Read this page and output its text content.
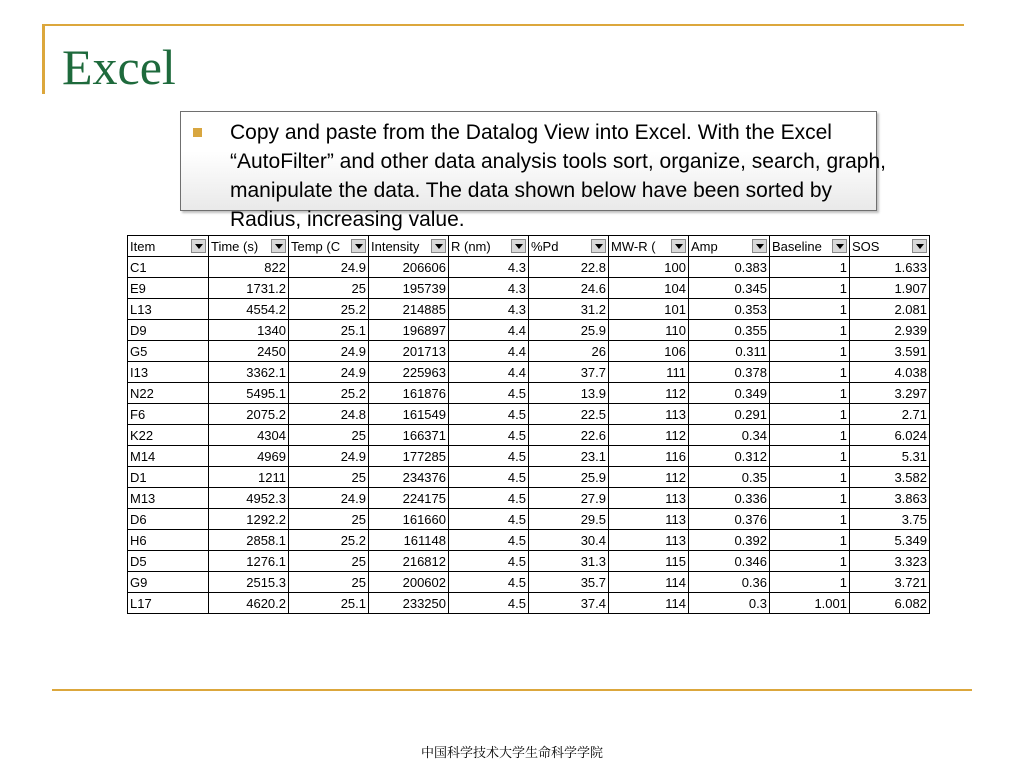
Excel
Copy and paste from the Datalog View into Excel. With the Excel “AutoFilter” and other data analysis tools sort, organize, search, graph, manipulate the data. The data shown below have been sorted by Radius, increasing value.
Item	Time (s)	Temp (C	Intensity	R (nm)	%Pd	MW-R (	Amp	Baseline	SOS

C1	822	24.9	206606	4.3	22.8	100	0.383	1	1.633
E9	1731.2	25	195739	4.3	24.6	104	0.345	1	1.907
L13	4554.2	25.2	214885	4.3	31.2	101	0.353	1	2.081
D9	1340	25.1	196897	4.4	25.9	110	0.355	1	2.939
G5	2450	24.9	201713	4.4	26	106	0.311	1	3.591
I13	3362.1	24.9	225963	4.4	37.7	111	0.378	1	4.038
N22	5495.1	25.2	161876	4.5	13.9	112	0.349	1	3.297
F6	2075.2	24.8	161549	4.5	22.5	113	0.291	1	2.71
K22	4304	25	166371	4.5	22.6	112	0.34	1	6.024
M14	4969	24.9	177285	4.5	23.1	116	0.312	1	5.31
D1	1211	25	234376	4.5	25.9	112	0.35	1	3.582
M13	4952.3	24.9	224175	4.5	27.9	113	0.336	1	3.863
D6	1292.2	25	161660	4.5	29.5	113	0.376	1	3.75
H6	2858.1	25.2	161148	4.5	30.4	113	0.392	1	5.349
D5	1276.1	25	216812	4.5	31.3	115	0.346	1	3.323
G9	2515.3	25	200602	4.5	35.7	114	0.36	1	3.721
L17	4620.2	25.1	233250	4.5	37.4	114	0.3	1.001	6.082
中国科学技术大学生命科学学院
